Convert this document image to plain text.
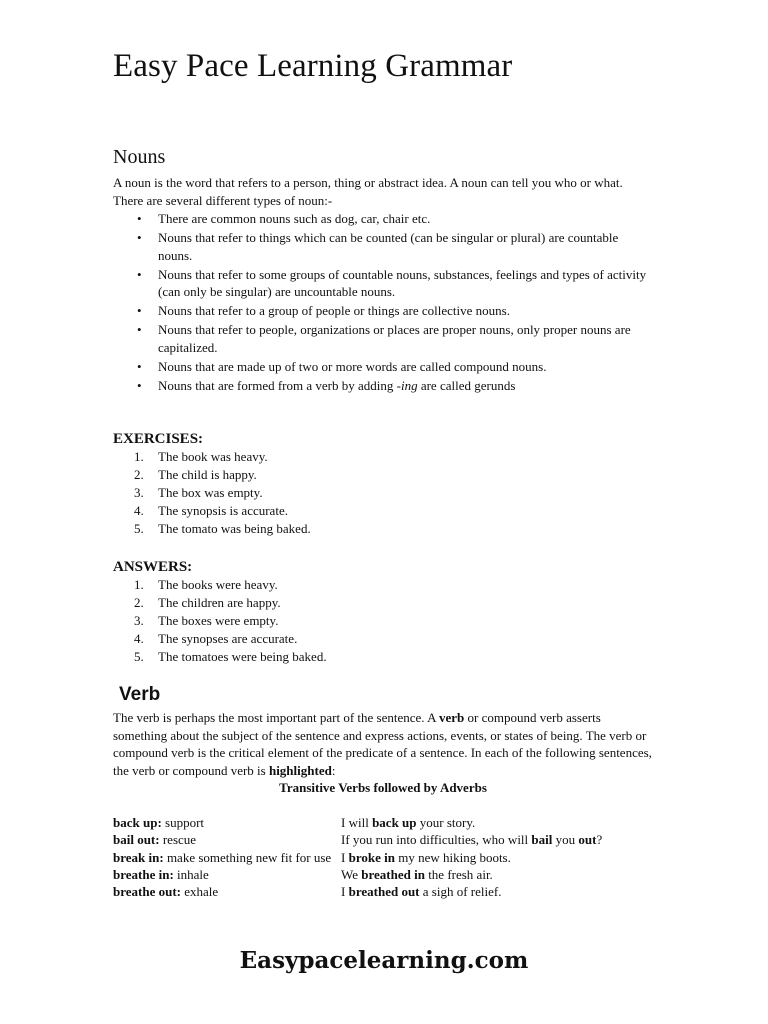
Easy Pace Learning Grammar
Nouns

A noun is the word that refers to a person, thing or abstract idea. A noun can tell you who or what.

There are several different types of noun:-

• There are common nouns such as dog, car, chair etc.
• Nouns that refer to things which can be counted (can be singular or plural) are countable nouns.
• Nouns that refer to some groups of countable nouns, substances, feelings and types of activity (can only be singular) are uncountable nouns.
• Nouns that refer to a group of people or things are collective nouns.
• Nouns that refer to people, organizations or places are proper nouns, only proper nouns are capitalized.
• Nouns that are made up of two or more words are called compound nouns.
• Nouns that are formed from a verb by adding -ing are called gerunds
EXERCISES:
1. The book was heavy.
2. The child is happy.
3. The box was empty.
4. The synopsis is accurate.
5. The tomato was being baked.
ANSWERS:
1. The books were heavy.
2. The children are happy.
3. The boxes were empty.
4. The synopses are accurate.
5. The tomatoes were being baked.
Verb

The verb is perhaps the most important part of the sentence. A verb or compound verb asserts something about the subject of the sentence and express actions, events, or states of being. The verb or compound verb is the critical element of the predicate of a sentence. In each of the following sentences, the verb or compound verb is highlighted:

Transitive Verbs followed by Adverbs
back up: support	I will back up your story.
bail out: rescue	If you run into difficulties, who will bail you out?
break in: make something new fit for use	I broke in my new hiking boots.
breathe in: inhale	We breathed in the fresh air.
breathe out: exhale	I breathed out a sigh of relief.
Easypacelearning.com
